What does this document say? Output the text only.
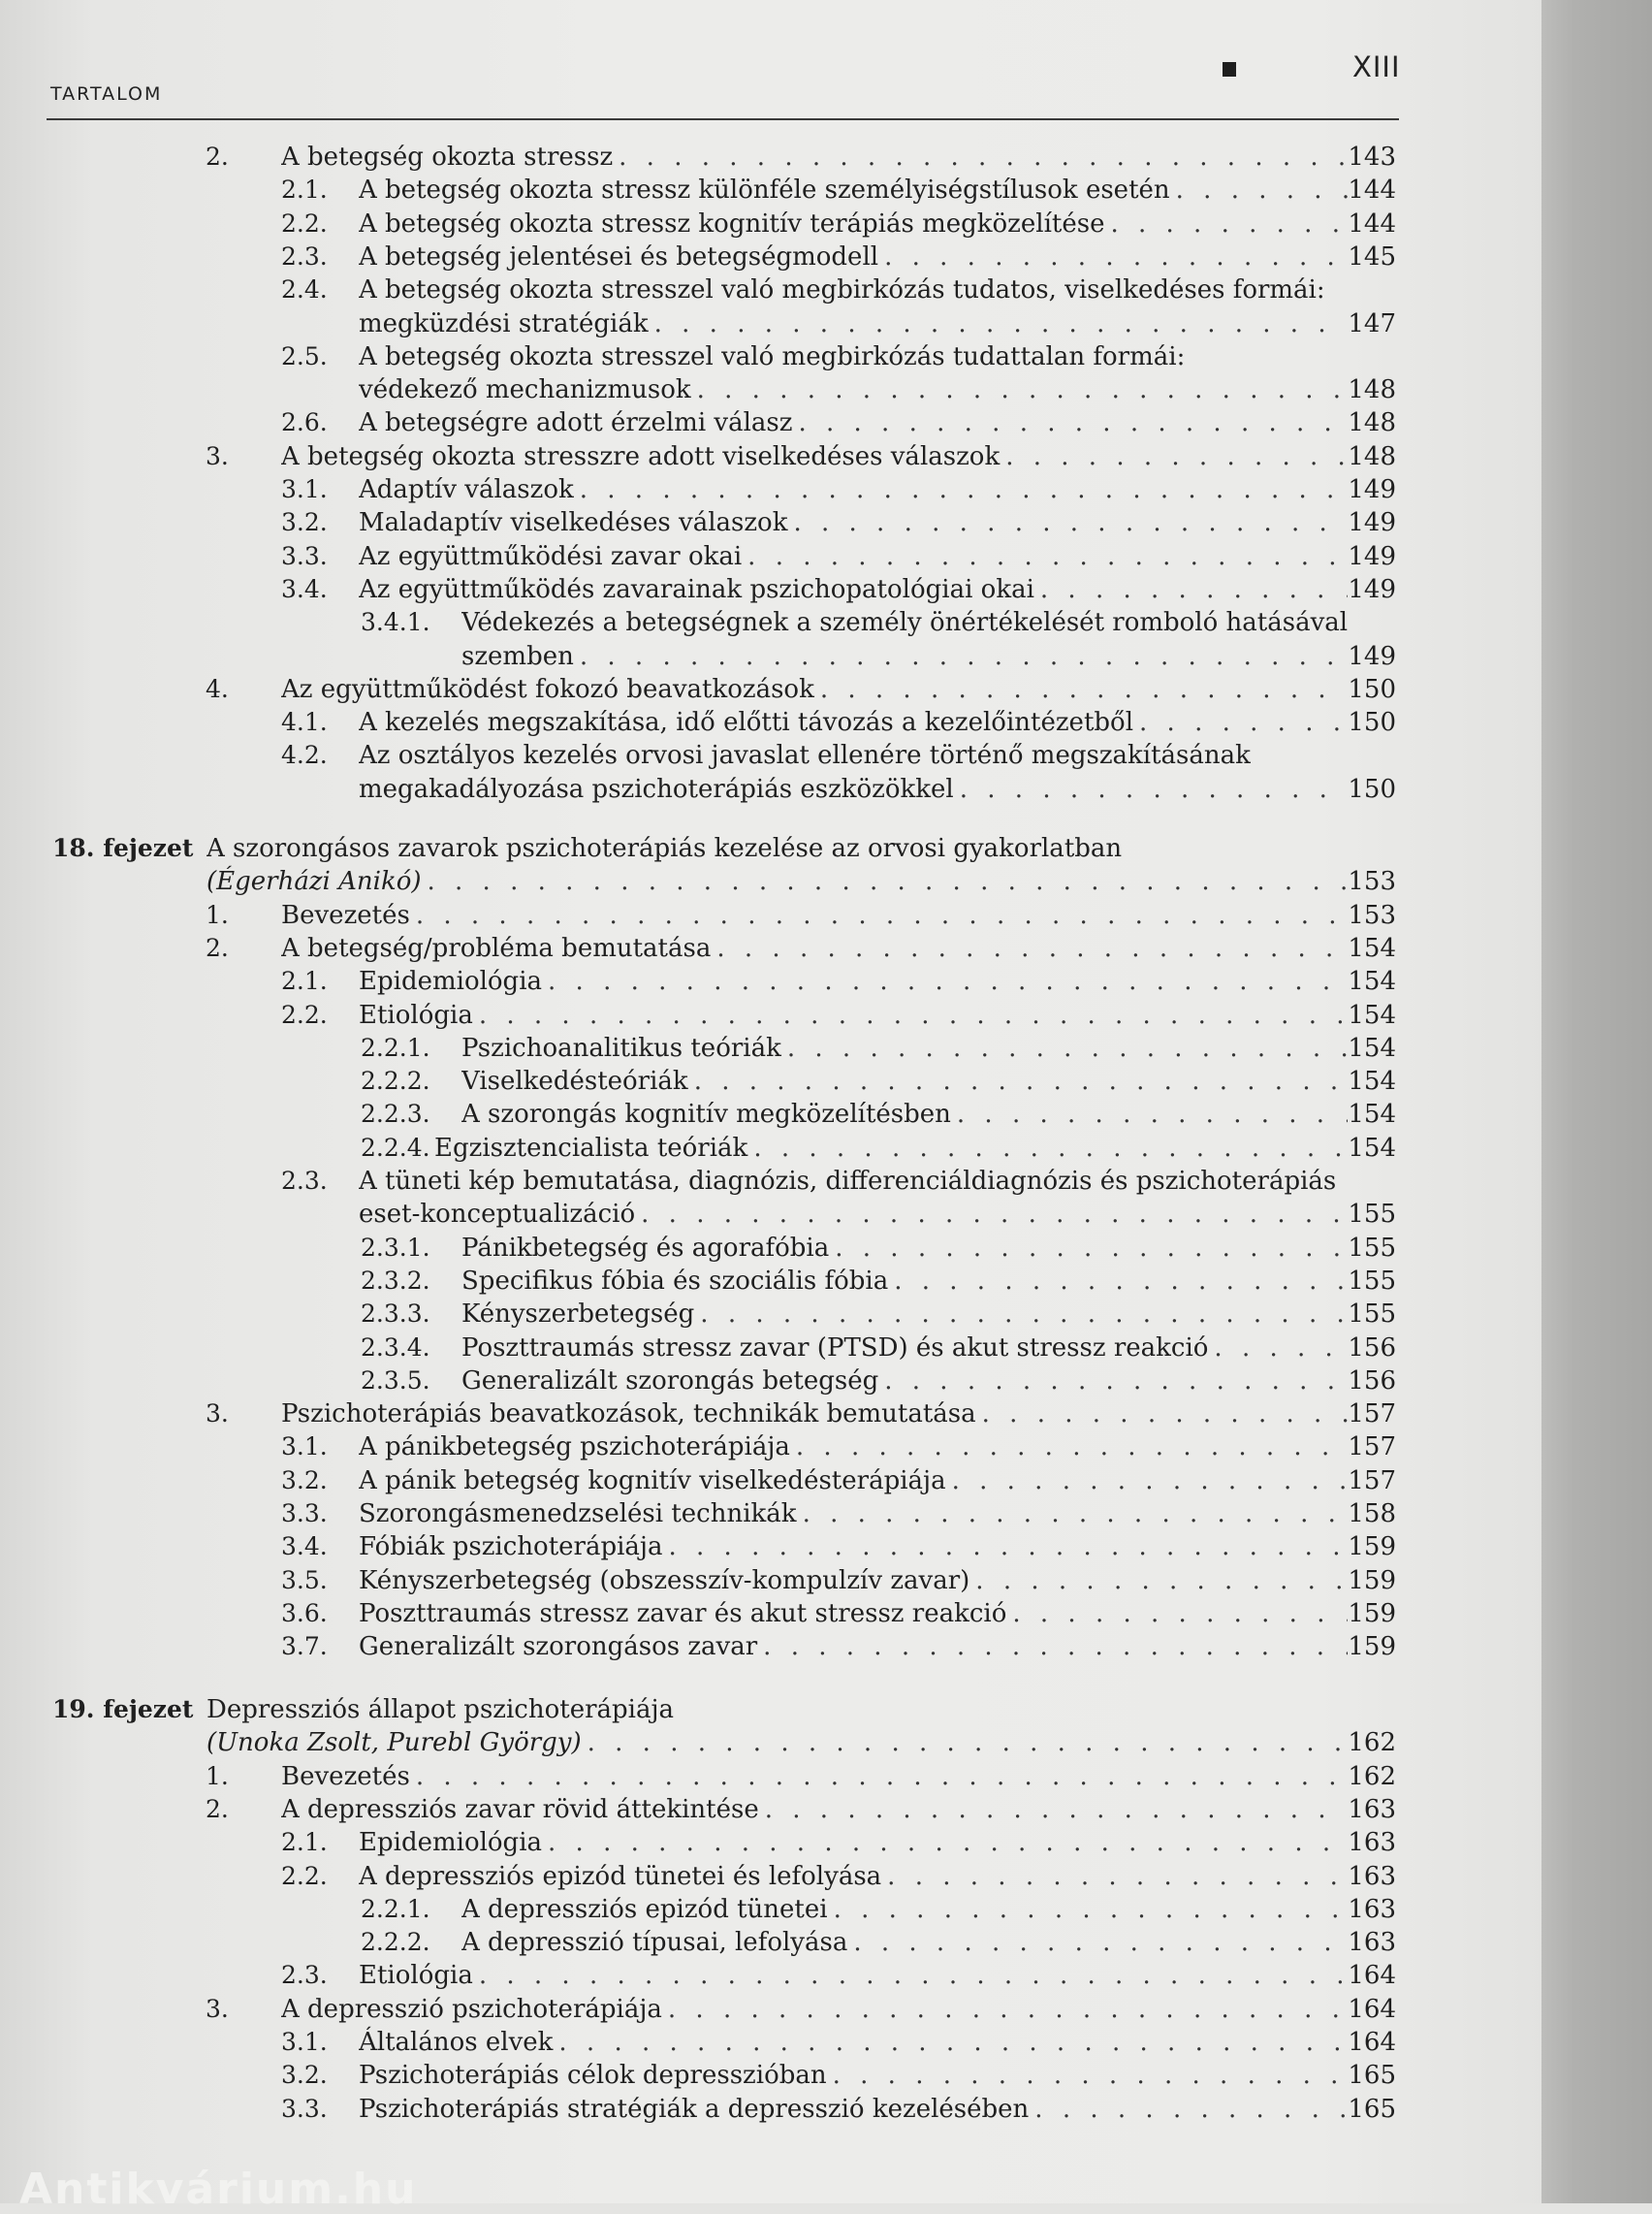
TARTALOM
XIII
2. A betegség okozta stressz . . .	143
2.1. A betegség okozta stressz különféle személyiségstílusok esetén . . .	144
2.2. A betegség okozta stressz kognitív terápiás megközelítése . . .	144
2.3. A betegség jelentései és betegségmodell . . .	145
2.4. A betegség okozta stresszel való megbirkózás tudatos, viselkedéses formái:
megküzdési stratégiák . . .	147
2.5. A betegség okozta stresszel való megbirkózás tudattalan formái:
védekező mechanizmusok . . .	148
2.6. A betegségre adott érzelmi válasz . . .	148
3. A betegség okozta stresszre adott viselkedéses válaszok . . .	148
3.1. Adaptív válaszok . . .	149
3.2. Maladaptív viselkedéses válaszok . . .	149
3.3. Az együttműködési zavar okai . . .	149
3.4. Az együttműködés zavarainak pszichopatológiai okai . . .	149
3.4.1. Védekezés a betegségnek a személy önértékelését romboló hatásával
szemben . . .	149
4. Az együttműködést fokozó beavatkozások . . .	150
4.1. A kezelés megszakítása, idő előtti távozás a kezelőintézetből . . .	150
4.2. Az osztályos kezelés orvosi javaslat ellenére történő megszakításának
megakadályozása pszichoterápiás eszközökkel . . .	150
18. fejezet A szorongásos zavarok pszichoterápiás kezelése az orvosi gyakorlatban
(Égerházi Anikó) . . .	153
1. Bevezetés . . .	153
2. A betegség/probléma bemutatása . . .	154
2.1. Epidemiológia . . .	154
2.2. Etiológia . . .	154
2.2.1. Pszichoanalitikus teóriák . . .	154
2.2.2. Viselkedésteóriák . . .	154
2.2.3. A szorongás kognitív megközelítésben . . .	154
2.2.4. Egzisztencialista teóriák . . .	154
2.3. A tüneti kép bemutatása, diagnózis, differenciáldiagnózis és pszichoterápiás
eset-konceptualizáció . . .	155
2.3.1. Pánikbetegség és agorafóbia . . .	155
2.3.2. Specifikus fóbia és szociális fóbia . . .	155
2.3.3. Kényszerbetegség . . .	155
2.3.4. Poszttraumás stressz zavar (PTSD) és akut stressz reakció . . .	156
2.3.5. Generalizált szorongás betegség . . .	156
3. Pszichoterápiás beavatkozások, technikák bemutatása . . .	157
3.1. A pánikbetegség pszichoterápiája . . .	157
3.2. A pánik betegség kognitív viselkedésterápiája . . .	157
3.3. Szorongásmenedzselési technikák . . .	158
3.4. Fóbiák pszichoterápiája . . .	159
3.5. Kényszerbetegség (obszesszív-kompulzív zavar) . . .	159
3.6. Poszttraumás stressz zavar és akut stressz reakció . . .	159
3.7. Generalizált szorongásos zavar . . .	159
19. fejezet Depressziós állapot pszichoterápiája
(Unoka Zsolt, Purebl György) . . .	162
1. Bevezetés . . .	162
2. A depressziós zavar rövid áttekintése . . .	163
2.1. Epidemiológia . . .	163
2.2. A depressziós epizód tünetei és lefolyása . . .	163
2.2.1. A depressziós epizód tünetei . . .	163
2.2.2. A depresszió típusai, lefolyása . . .	163
2.3. Etiológia . . .	164
3. A depresszió pszichoterápiája . . .	164
3.1. Általános elvek . . .	164
3.2. Pszichoterápiás célok depresszióban . . .	165
3.3. Pszichoterápiás stratégiák a depresszió kezelésében . . .	165
Antikvárium.hu
